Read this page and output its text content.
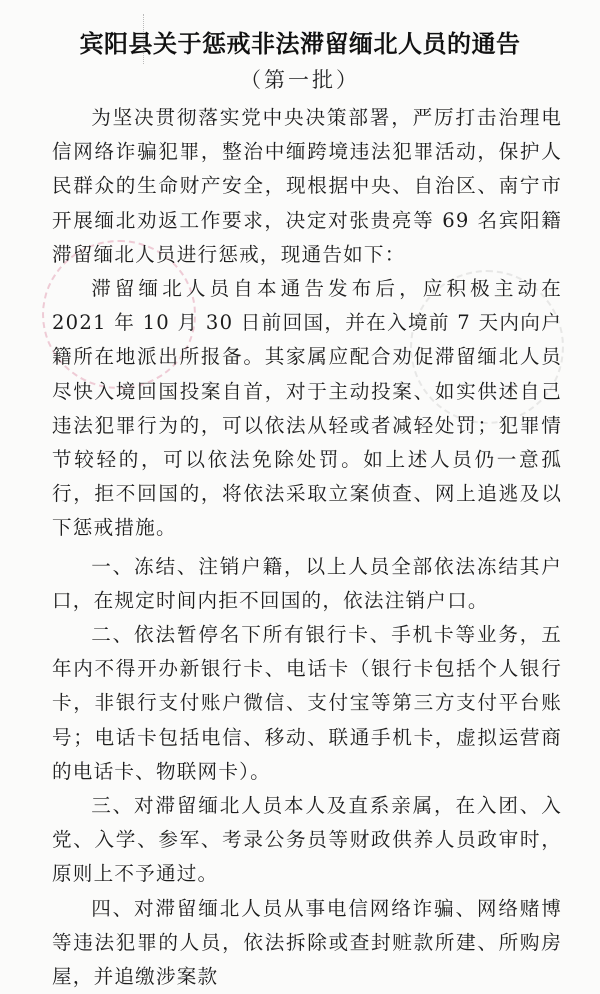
宾阳县关于惩戒非法滞留缅北人员的通告
（第一批）

为坚决贯彻落实党中央决策部署，严厉打击治理电信网络诈骗犯罪，整治中缅跨境违法犯罪活动，保护人民群众的生命财产安全，现根据中央、自治区、南宁市开展缅北劝返工作要求，决定对张贵亮等 69 名宾阳籍滞留缅北人员进行惩戒，现通告如下：

滞留缅北人员自本通告发布后，应积极主动在 2021 年 10 月 30 日前回国，并在入境前 7 天内向户籍所在地派出所报备。其家属应配合劝促滞留缅北人员尽快入境回国投案自首，对于主动投案、如实供述自己违法犯罪行为的，可以依法从轻或者减轻处罚；犯罪情节较轻的，可以依法免除处罚。如上述人员仍一意孤行，拒不回国的，将依法采取立案侦查、网上追逃及以下惩戒措施。

一、冻结、注销户籍，以上人员全部依法冻结其户口，在规定时间内拒不回国的，依法注销户口。

二、依法暂停名下所有银行卡、手机卡等业务，五年内不得开办新银行卡、电话卡（银行卡包括个人银行卡，非银行支付账户微信、支付宝等第三方支付平台账号；电话卡包括电信、移动、联通手机卡，虚拟运营商的电话卡、物联网卡）。

三、对滞留缅北人员本人及直系亲属，在入团、入党、入学、参军、考录公务员等财政供养人员政审时，原则上不予通过。

四、对滞留缅北人员从事电信网络诈骗、网络赌博等违法犯罪的人员，依法拆除或查封赃款所建、所购房屋，并追缴涉案款
